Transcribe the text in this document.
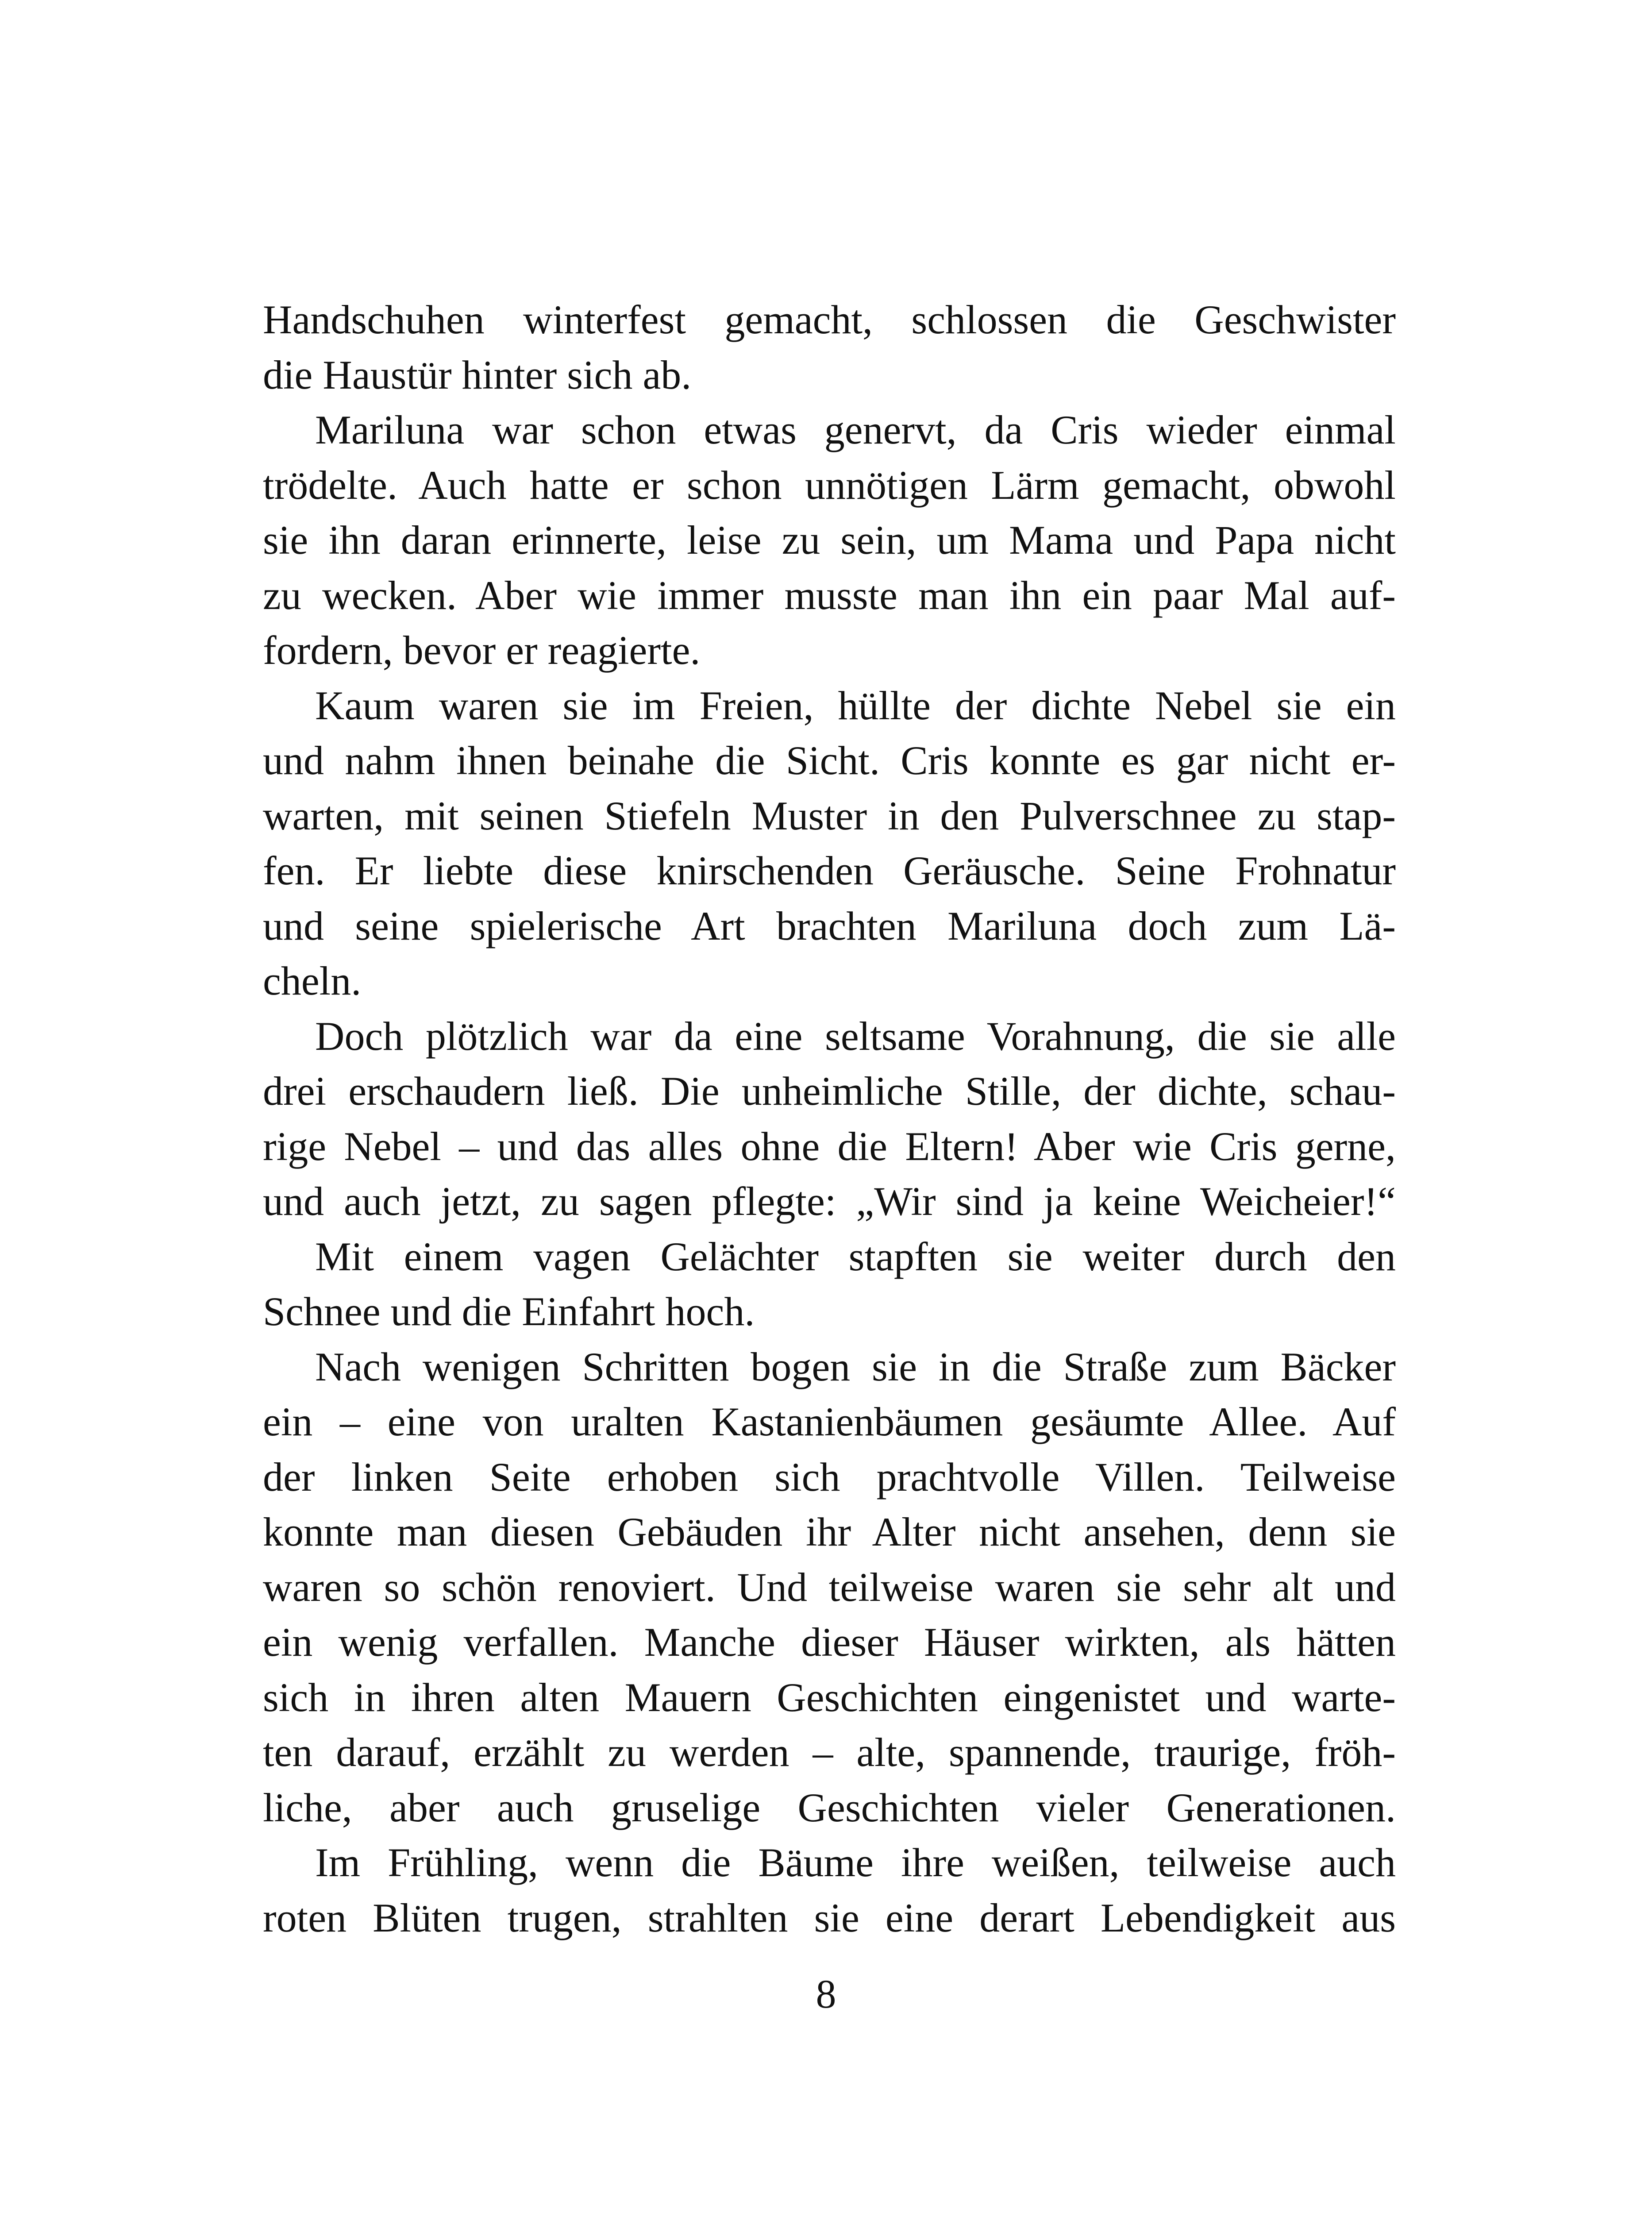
Handschuhen winterfest gemacht, schlossen die Geschwister
die Haustür hinter sich ab.
Mariluna war schon etwas genervt, da Cris wieder einmal
trödelte. Auch hatte er schon unnötigen Lärm gemacht, obwohl
sie ihn daran erinnerte, leise zu sein, um Mama und Papa nicht
zu wecken. Aber wie immer musste man ihn ein paar Mal auf-
fordern, bevor er reagierte.
Kaum waren sie im Freien, hüllte der dichte Nebel sie ein
und nahm ihnen beinahe die Sicht. Cris konnte es gar nicht er-
warten, mit seinen Stiefeln Muster in den Pulverschnee zu stap-
fen. Er liebte diese knirschenden Geräusche. Seine Frohnatur
und seine spielerische Art brachten Mariluna doch zum Lä-
cheln.
Doch plötzlich war da eine seltsame Vorahnung, die sie alle
drei erschaudern ließ. Die unheimliche Stille, der dichte, schau-
rige Nebel – und das alles ohne die Eltern! Aber wie Cris gerne,
und auch jetzt, zu sagen pflegte: „Wir sind ja keine Weicheier!“
Mit einem vagen Gelächter stapften sie weiter durch den
Schnee und die Einfahrt hoch.
Nach wenigen Schritten bogen sie in die Straße zum Bäcker
ein – eine von uralten Kastanienbäumen gesäumte Allee. Auf
der linken Seite erhoben sich prachtvolle Villen. Teilweise
konnte man diesen Gebäuden ihr Alter nicht ansehen, denn sie
waren so schön renoviert. Und teilweise waren sie sehr alt und
ein wenig verfallen. Manche dieser Häuser wirkten, als hätten
sich in ihren alten Mauern Geschichten eingenistet und warte-
ten darauf, erzählt zu werden – alte, spannende, traurige, fröh-
liche, aber auch gruselige Geschichten vieler Generationen.
Im Frühling, wenn die Bäume ihre weißen, teilweise auch
roten Blüten trugen, strahlten sie eine derart Lebendigkeit aus
8
